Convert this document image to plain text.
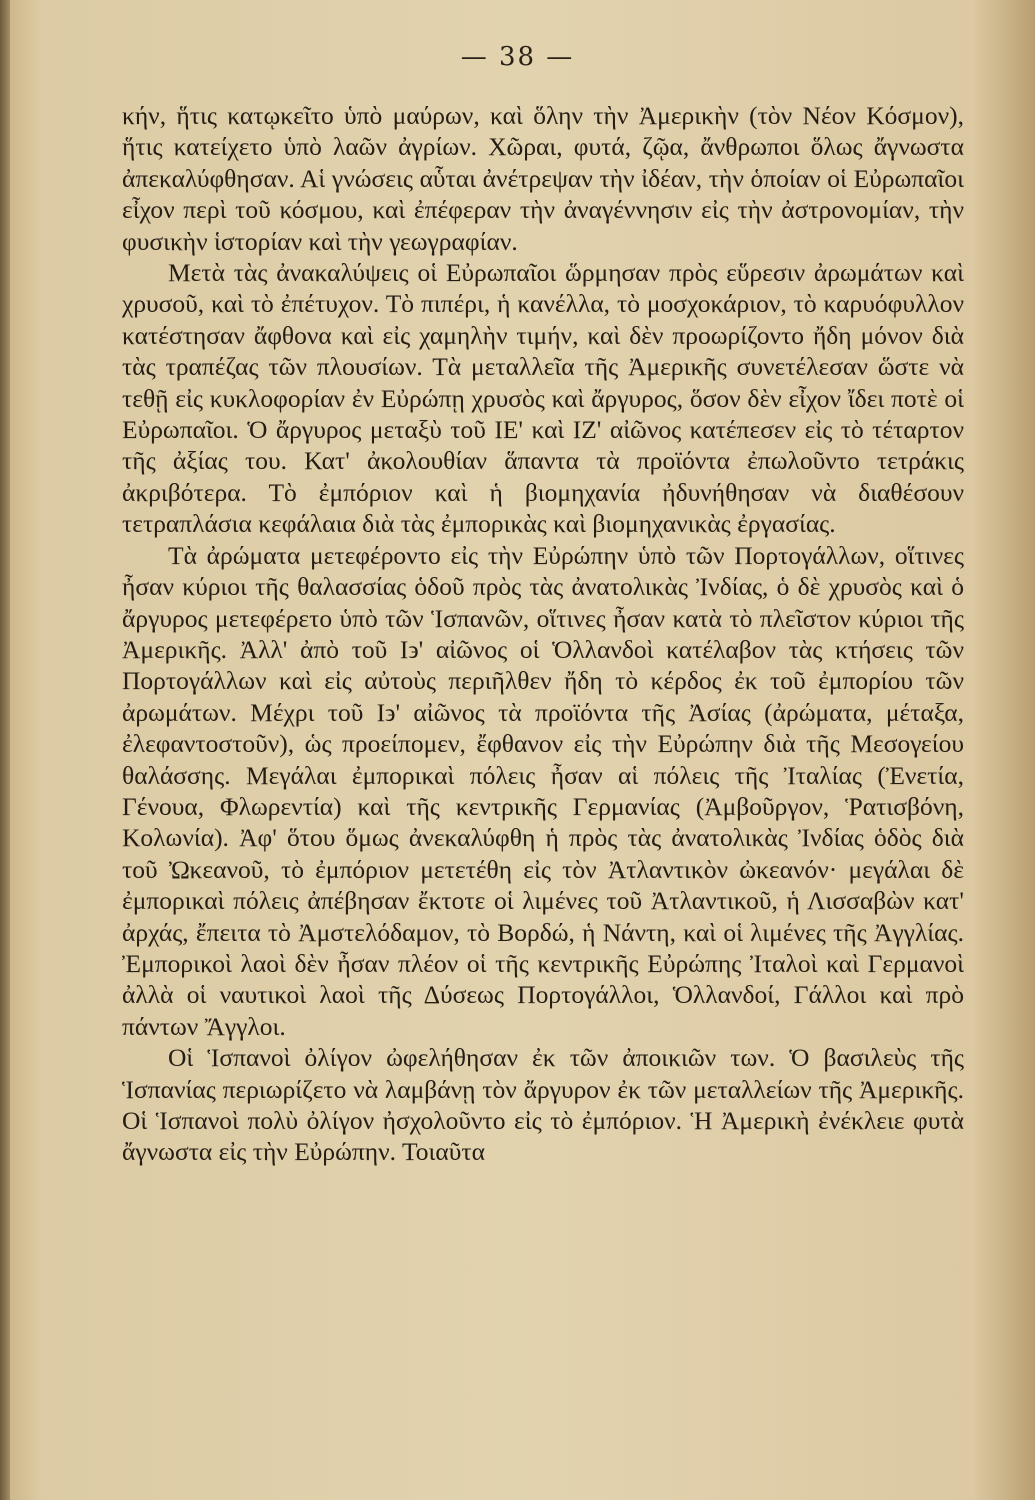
— 38 —

κήν, ἥτις κατῳκεῖτο ὑπὸ μαύρων, καὶ ὅλην τὴν Ἀμερικὴν (τὸν Νέον Κόσμον), ἥτις κατείχετο ὑπὸ λαῶν ἀγρίων. Χῶραι, φυτά, ζῷα, ἄνθρωποι ὅλως ἄγνωστα ἀπεκαλύφθησαν. Αἱ γνώσεις αὗται ἀνέτρεψαν τὴν ἰδέαν, τὴν ὁποίαν οἱ Εὐρωπαῖοι εἶχον περὶ τοῦ κόσμου, καὶ ἐπέφεραν τὴν ἀναγέννησιν εἰς τὴν ἀστρονομίαν, τὴν φυσικὴν ἱστορίαν καὶ τὴν γεωγραφίαν.

Μετὰ τὰς ἀνακαλύψεις οἱ Εὐρωπαῖοι ὥρμησαν πρὸς εὕρεσιν ἀρωμάτων καὶ χρυσοῦ, καὶ τὸ ἐπέτυχον. Τὸ πιπέρι, ἡ κανέλλα, τὸ μοσχοκάριον, τὸ καρυόφυλλον κατέστησαν ἄφθονα καὶ εἰς χαμηλὴν τιμήν, καὶ δὲν προωρίζοντο ἤδη μόνον διὰ τὰς τραπέζας τῶν πλουσίων. Τὰ μεταλλεῖα τῆς Ἀμερικῆς συνετέλεσαν ὥστε νὰ τεθῇ εἰς κυκλοφορίαν ἐν Εὐρώπῃ χρυσὸς καὶ ἄργυρος, ὅσον δὲν εἶχον ἴδει ποτὲ οἱ Εὐρωπαῖοι. Ὁ ἄργυρος μεταξὺ τοῦ ΙΕ' καὶ ΙΖ' αἰῶνος κατέπεσεν εἰς τὸ τέταρτον τῆς ἀξίας του. Κατ' ἀκολουθίαν ἅπαντα τὰ προϊόντα ἐπωλοῦντο τετράκις ἀκριβότερα. Τὸ ἐμπόριον καὶ ἡ βιομηχανία ἠδυνήθησαν νὰ διαθέσουν τετραπλάσια κεφάλαια διὰ τὰς ἐμπορικὰς καὶ βιομηχανικὰς ἐργασίας.

Τὰ ἀρώματα μετεφέροντο εἰς τὴν Εὐρώπην ὑπὸ τῶν Πορτογάλλων, οἵτινες ἦσαν κύριοι τῆς θαλασσίας ὁδοῦ πρὸς τὰς ἀνατολικὰς Ἰνδίας, ὁ δὲ χρυσὸς καὶ ὁ ἄργυρος μετεφέρετο ὑπὸ τῶν Ἱσπανῶν, οἵτινες ἦσαν κατὰ τὸ πλεῖστον κύριοι τῆς Ἀμερικῆς. Ἀλλ' ἀπὸ τοῦ Ι϶' αἰῶνος οἱ Ὁλλανδοὶ κατέλαβον τὰς κτήσεις τῶν Πορτογάλλων καὶ εἰς αὐτοὺς περιῆλθεν ἤδη τὸ κέρδος ἐκ τοῦ ἐμπορίου τῶν ἀρωμάτων. Μέχρι τοῦ Ι϶' αἰῶνος τὰ προϊόντα τῆς Ἀσίας (ἀρώματα, μέταξα, ἐλεφαντοστοῦν), ὡς προείπομεν, ἔφθανον εἰς τὴν Εὐρώπην διὰ τῆς Μεσογείου θαλάσσης. Μεγάλαι ἐμπορικαὶ πόλεις ἦσαν αἱ πόλεις τῆς Ἰταλίας (Ἐνετία, Γένουα, Φλωρεντία) καὶ τῆς κεντρικῆς Γερμανίας (Ἀμβοῦργον, Ῥατισβόνη, Κολωνία). Ἀφ' ὅτου ὅμως ἀνεκαλύφθη ἡ πρὸς τὰς ἀνατολικὰς Ἰνδίας ὁδὸς διὰ τοῦ Ὠκεανοῦ, τὸ ἐμπόριον μετετέθη εἰς τὸν Ἀτλαντικὸν ὠκεανόν· μεγάλαι δὲ ἐμπορικαὶ πόλεις ἀπέβησαν ἔκτοτε οἱ λιμένες τοῦ Ἀτλαντικοῦ, ἡ Λισσαβὼν κατ' ἀρχάς, ἔπειτα τὸ Ἀμστελόδαμον, τὸ Βορδώ, ἡ Νάντη, καὶ οἱ λιμένες τῆς Ἀγγλίας. Ἐμπορικοὶ λαοὶ δὲν ἦσαν πλέον οἱ τῆς κεντρικῆς Εὐρώπης Ἰταλοὶ καὶ Γερμανοὶ ἀλλὰ οἱ ναυτικοὶ λαοὶ τῆς Δύσεως Πορτογάλλοι, Ὁλλανδοί, Γάλλοι καὶ πρὸ πάντων Ἄγγλοι.

Οἱ Ἱσπανοὶ ὀλίγον ὠφελήθησαν ἐκ τῶν ἀποικιῶν των. Ὁ βασιλεὺς τῆς Ἱσπανίας περιωρίζετο νὰ λαμβάνῃ τὸν ἄργυρον ἐκ τῶν μεταλλείων τῆς Ἀμερικῆς. Οἱ Ἱσπανοὶ πολὺ ὀλίγον ἠσχολοῦντο εἰς τὸ ἐμπόριον. Ἡ Ἀμερικὴ ἐνέκλειε φυτὰ ἄγνωστα εἰς τὴν Εὐρώπην. Τοιαῦτα
